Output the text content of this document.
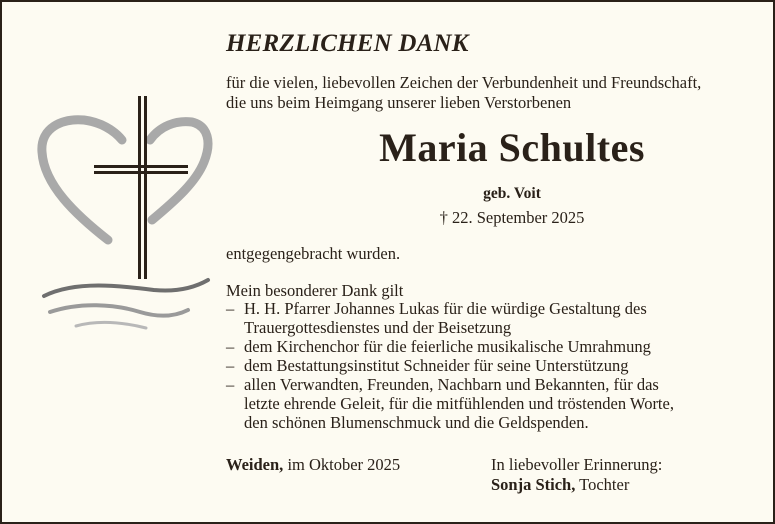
HERZLICHEN DANK
für die vielen, liebevollen Zeichen der Verbundenheit und Freundschaft,
die uns beim Heimgang unserer lieben Verstorbenen
Maria Schultes
geb. Voit
† 22. September 2025
entgegengebracht wurden.
Mein besonderer Dank gilt
– H. H. Pfarrer Johannes Lukas für die würdige Gestaltung des
Trauergottesdienstes und der Beisetzung
– dem Kirchenchor für die feierliche musikalische Umrahmung
– dem Bestattungsinstitut Schneider für seine Unterstützung
– allen Verwandten, Freunden, Nachbarn und Bekannten, für das
letzte ehrende Geleit, für die mitfühlenden und tröstenden Worte,
den schönen Blumenschmuck und die Geldspenden.
Weiden, im Oktober 2025	In liebevoller Erinnerung:
Sonja Stich, Tochter
